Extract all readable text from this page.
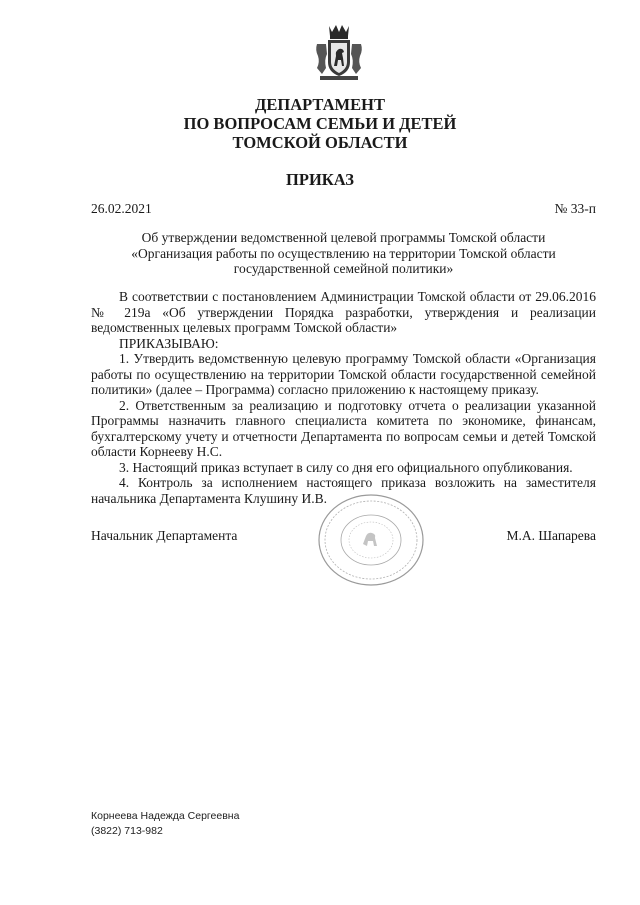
ДЕПАРТАМЕНТ
ПО ВОПРОСАМ СЕМЬИ И ДЕТЕЙ
ТОМСКОЙ ОБЛАСТИ
ПРИКАЗ
26.02.2021	№ 33-п
Об утверждении ведомственной целевой программы Томской области
«Организация работы по осуществлению на территории Томской области
государственной семейной политики»

В соответствии с постановлением Администрации Томской области от 29.06.2016 № 219а «Об утверждении Порядка разработки, утверждения и реализации ведомственных целевых программ Томской области»

ПРИКАЗЫВАЮ:

1. Утвердить ведомственную целевую программу Томской области «Организация работы по осуществлению на территории Томской области государственной семейной политики» (далее – Программа) согласно приложению к настоящему приказу.

2. Ответственным за реализацию и подготовку отчета о реализации указанной Программы назначить главного специалиста комитета по экономике, финансам, бухгалтерскому учету и отчетности Департамента по вопросам семьи и детей Томской области Корнееву Н.С.

3. Настоящий приказ вступает в силу со дня его официального опубликования.

4. Контроль за исполнением настоящего приказа возложить на заместителя начальника Департамента Клушину И.В.

Начальник Департамента	М.А. Шапарева
Корнеева Надежда Сергеевна
(3822) 713-982
